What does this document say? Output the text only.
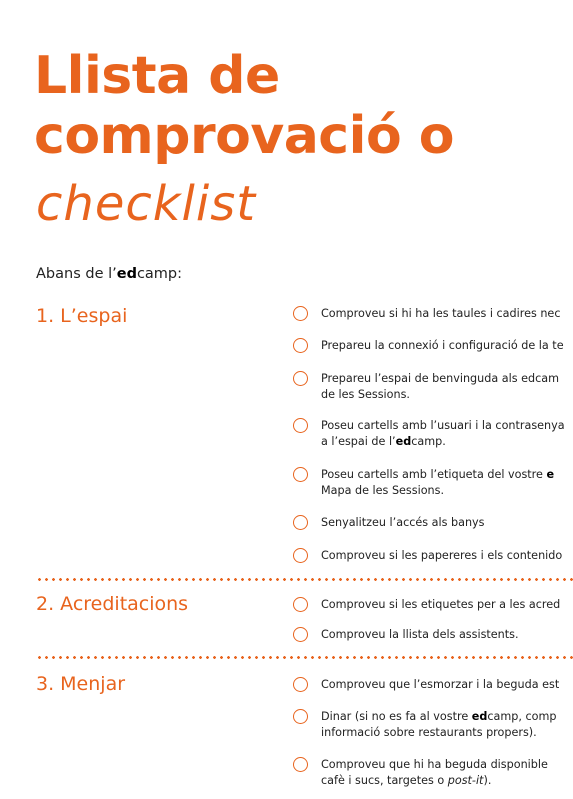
Llista de
comprovació o
checklist
Abans de l’edcamp:
1. L’espai	Comproveu si hi ha les taules i cadires nec
Prepareu la connexió i configuració de la te
Prepareu l’espai de benvinguda als edcam
de les Sessions.
Poseu cartells amb l’usuari i la contrasenya
a l’espai de l’edcamp.
Poseu cartells amb l’etiqueta del vostre e
Mapa de les Sessions.
Senyalitzeu l’accés als banys
Comproveu si les papereres i els contenido
2. Acreditacions	Comproveu si les etiquetes per a les acred
Comproveu la llista dels assistents.
3. Menjar	Comproveu que l’esmorzar i la beguda est
Dinar (si no es fa al vostre edcamp, comp
informació sobre restaurants propers).
Comproveu que hi ha beguda disponible
cafè i sucs, targetes o post-it).
